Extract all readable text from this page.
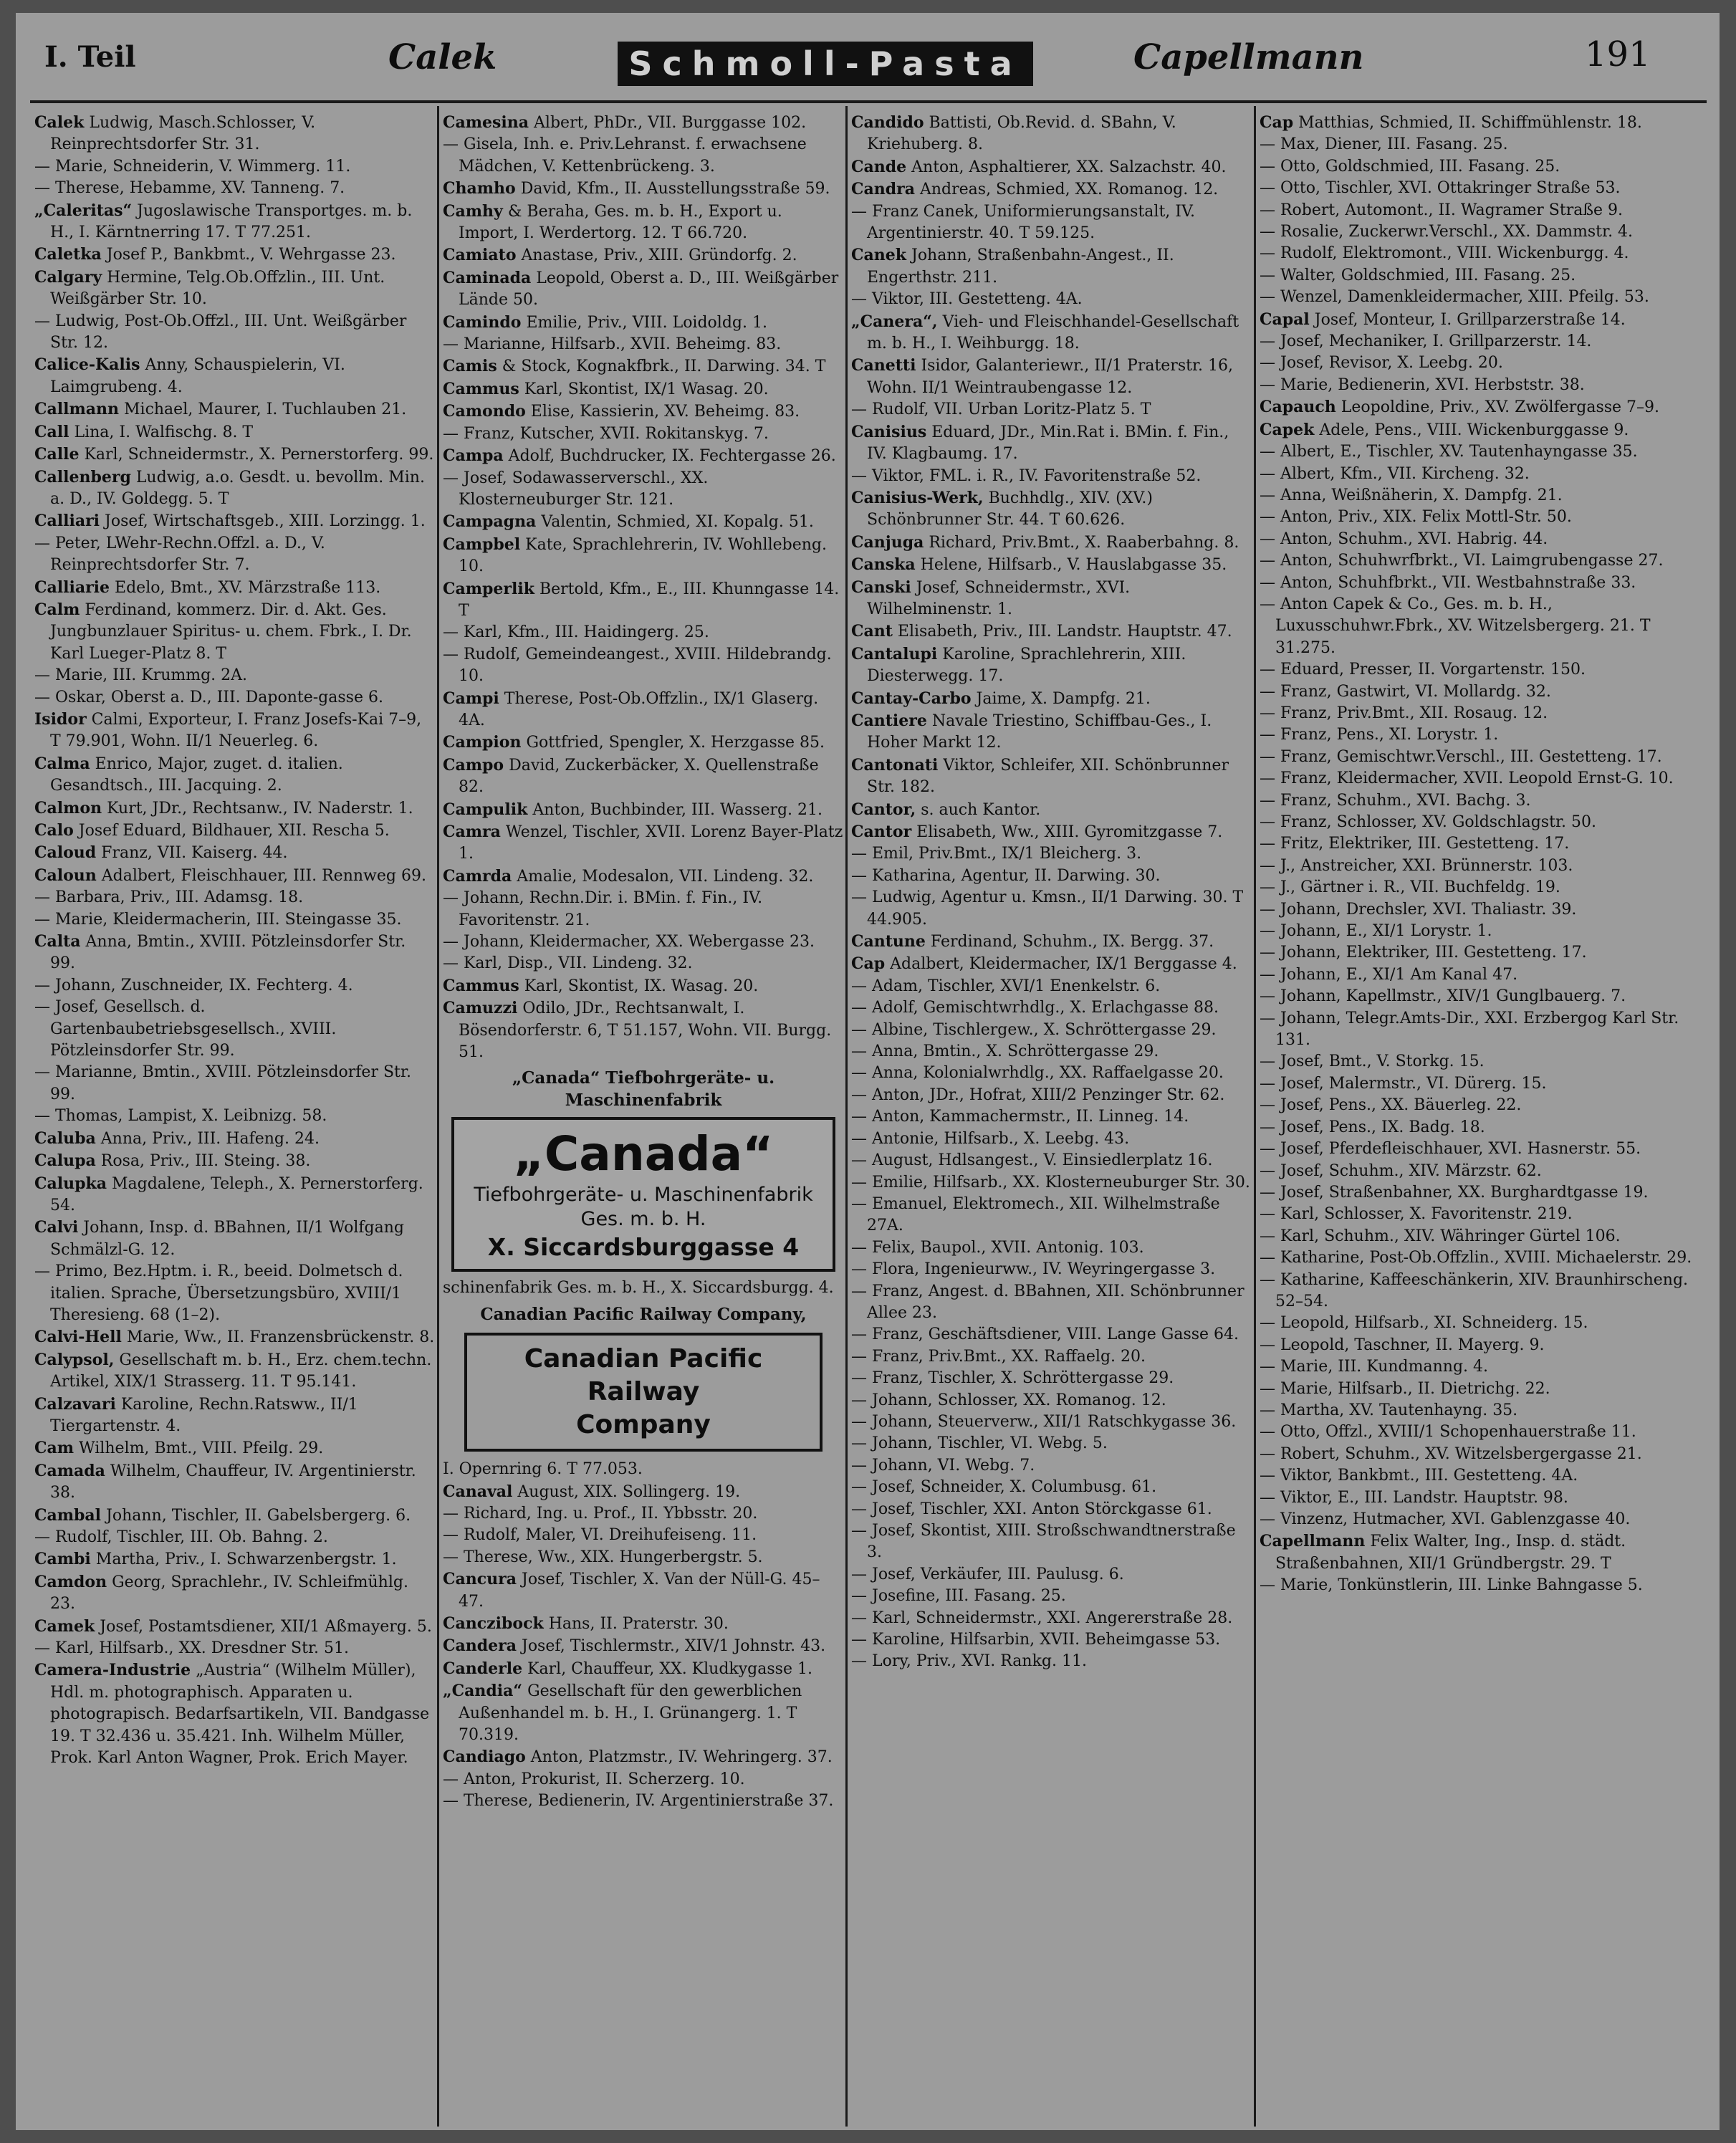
I. Teil	Calek	Schmoll-Pasta	Capellmann	191

Calek Ludwig, Masch.Schlosser, V. Reinprechtsdorfer Str. 31.

— Marie, Schneiderin, V. Wimmerg. 11.

— Therese, Hebamme, XV. Tanneng. 7.

„Caleritas“ Jugoslawische Transportges. m. b. H., I. Kärntnerring 17. T 77.251.

Caletka Josef P., Bankbmt., V. Wehrgasse 23.

Calgary Hermine, Telg.Ob.Offzlin., III. Unt. Weißgärber Str. 10.

— Ludwig, Post-Ob.Offzl., III. Unt. Weißgärber Str. 12.

Calice-Kalis Anny, Schauspielerin, VI. Laimgrubeng. 4.

Callmann Michael, Maurer, I. Tuchlauben 21.

Call Lina, I. Walfischg. 8. T

Calle Karl, Schneidermstr., X. Pernerstorferg. 99.

Callenberg Ludwig, a.o. Gesdt. u. bevollm. Min. a. D., IV. Goldegg. 5. T

Calliari Josef, Wirtschaftsgeb., XIII. Lorzingg. 1.

— Peter, LWehr-Rechn.Offzl. a. D., V. Reinprechtsdorfer Str. 7.

Calliarie Edelo, Bmt., XV. Märzstraße 113.

Calm Ferdinand, kommerz. Dir. d. Akt. Ges. Jungbunzlauer Spiritus- u. chem. Fbrk., I. Dr. Karl Lueger-Platz 8. T

— Marie, III. Krummg. 2A.

— Oskar, Oberst a. D., III. Daponte-gasse 6.

Isidor Calmi, Exporteur, I. Franz Josefs-Kai 7–9, T 79.901, Wohn. II/1 Neuerleg. 6.

Calma Enrico, Major, zuget. d. italien. Gesandtsch., III. Jacquing. 2.

Calmon Kurt, JDr., Rechtsanw., IV. Naderstr. 1.

Calo Josef Eduard, Bildhauer, XII. Rescha 5.

Caloud Franz, VII. Kaiserg. 44.

Caloun Adalbert, Fleischhauer, III. Rennweg 69.

— Barbara, Priv., III. Adamsg. 18.

— Marie, Kleidermacherin, III. Steingasse 35.

Calta Anna, Bmtin., XVIII. Pötzleinsdorfer Str. 99.

— Johann, Zuschneider, IX. Fechterg. 4.

— Josef, Gesellsch. d. Gartenbaubetriebsgesellsch., XVIII. Pötzleinsdorfer Str. 99.

— Marianne, Bmtin., XVIII. Pötzleinsdorfer Str. 99.

— Thomas, Lampist, X. Leibnizg. 58.

Caluba Anna, Priv., III. Hafeng. 24.

Calupa Rosa, Priv., III. Steing. 38.

Calupka Magdalene, Teleph., X. Pernerstorferg. 54.

Calvi Johann, Insp. d. BBahnen, II/1 Wolfgang Schmälzl-G. 12.

— Primo, Bez.Hptm. i. R., beeid. Dolmetsch d. italien. Sprache, Übersetzungsbüro, XVIII/1 Theresieng. 68 (1–2).

Calvi-Hell Marie, Ww., II. Franzensbrückenstr. 8.

Calypsol, Gesellschaft m. b. H., Erz. chem.techn. Artikel, XIX/1 Strasserg. 11. T 95.141.

Calzavari Karoline, Rechn.Ratsww., II/1 Tiergartenstr. 4.

Cam Wilhelm, Bmt., VIII. Pfeilg. 29.

Camada Wilhelm, Chauffeur, IV. Argentinierstr. 38.

Cambal Johann, Tischler, II. Gabelsbergerg. 6.

— Rudolf, Tischler, III. Ob. Bahng. 2.

Cambi Martha, Priv., I. Schwarzenbergstr. 1.

Camdon Georg, Sprachlehr., IV. Schleifmühlg. 23.

Camek Josef, Postamtsdiener, XII/1 Aßmayerg. 5.

— Karl, Hilfsarb., XX. Dresdner Str. 51.

Camera-Industrie „Austria“ (Wilhelm Müller), Hdl. m. photographisch. Apparaten u. photograpisch. Bedarfsartikeln, VII. Bandgasse 19. T 32.436 u. 35.421. Inh. Wilhelm Müller, Prok. Karl Anton Wagner, Prok. Erich Mayer.

Camesina Albert, PhDr., VII. Burggasse 102.

— Gisela, Inh. e. Priv.Lehranst. f. erwachsene Mädchen, V. Kettenbrückeng. 3.

Chamho David, Kfm., II. Ausstellungsstraße 59.

Camhy & Beraha, Ges. m. b. H., Export u. Import, I. Werdertorg. 12. T 66.720.

Camiato Anastase, Priv., XIII. Gründorfg. 2.

Caminada Leopold, Oberst a. D., III. Weißgärber Lände 50.

Camindo Emilie, Priv., VIII. Loidoldg. 1.

— Marianne, Hilfsarb., XVII. Beheimg. 83.

Camis & Stock, Kognakfbrk., II. Darwing. 34. T

Cammus Karl, Skontist, IX/1 Wasag. 20.

Camondo Elise, Kassierin, XV. Beheimg. 83.

— Franz, Kutscher, XVII. Rokitanskyg. 7.

Campa Adolf, Buchdrucker, IX. Fechtergasse 26.

— Josef, Sodawasserverschl., XX. Klosterneuburger Str. 121.

Campagna Valentin, Schmied, XI. Kopalg. 51.

Campbel Kate, Sprachlehrerin, IV. Wohllebeng. 10.

Camperlik Bertold, Kfm., E., III. Khunngasse 14. T

— Karl, Kfm., III. Haidingerg. 25.

— Rudolf, Gemeindeangest., XVIII. Hildebrandg. 10.

Campi Therese, Post-Ob.Offzlin., IX/1 Glaserg. 4A.

Campion Gottfried, Spengler, X. Herzgasse 85.

Campo David, Zuckerbäcker, X. Quellenstraße 82.

Campulik Anton, Buchbinder, III. Wasserg. 21.

Camra Wenzel, Tischler, XVII. Lorenz Bayer-Platz 1.

Camrda Amalie, Modesalon, VII. Lindeng. 32.

— Johann, Rechn.Dir. i. BMin. f. Fin., IV. Favoritenstr. 21.

— Johann, Kleidermacher, XX. Webergasse 23.

— Karl, Disp., VII. Lindeng. 32.

Cammus Karl, Skontist, IX. Wasag. 20.

Camuzzi Odilo, JDr., Rechtsanwalt, I. Bösendorferstr. 6, T 51.157, Wohn. VII. Burgg. 51.

„Canada“ Tiefbohrgeräte- u. Maschinenfabrik
„Canada“
Tiefbohrgeräte- u. Maschinenfabrik Ges. m. b. H.
X. Siccardsburggasse 4

schinenfabrik Ges. m. b. H., X. Siccardsburgg. 4.

Canadian Pacific Railway Company,
Canadian Pacific Railway
Company

I. Opernring 6. T 77.053.

Canaval August, XIX. Sollingerg. 19.

— Richard, Ing. u. Prof., II. Ybbsstr. 20.

— Rudolf, Maler, VI. Dreihufeiseng. 11.

— Therese, Ww., XIX. Hungerbergstr. 5.

Cancura Josef, Tischler, X. Van der Nüll-G. 45–47.

Canczibock Hans, II. Praterstr. 30.

Candera Josef, Tischlermstr., XIV/1 Johnstr. 43.

Canderle Karl, Chauffeur, XX. Kludkygasse 1.

„Candia“ Gesellschaft für den gewerblichen Außenhandel m. b. H., I. Grünangerg. 1. T 70.319.

Candiago Anton, Platzmstr., IV. Wehringerg. 37.

— Anton, Prokurist, II. Scherzerg. 10.

— Therese, Bedienerin, IV. Argentinierstraße 37.

Candido Battisti, Ob.Revid. d. SBahn, V. Kriehuberg. 8.

Cande Anton, Asphaltierer, XX. Salzachstr. 40.

Candra Andreas, Schmied, XX. Romanog. 12.

— Franz Canek, Uniformierungsanstalt, IV. Argentinierstr. 40. T 59.125.

Canek Johann, Straßenbahn-Angest., II. Engerthstr. 211.

— Viktor, III. Gestetteng. 4A.

„Canera“, Vieh- und Fleischhandel-Gesellschaft m. b. H., I. Weihburgg. 18.

Canetti Isidor, Galanteriewr., II/1 Praterstr. 16, Wohn. II/1 Weintraubengasse 12.

— Rudolf, VII. Urban Loritz-Platz 5. T

Canisius Eduard, JDr., Min.Rat i. BMin. f. Fin., IV. Klagbaumg. 17.

— Viktor, FML. i. R., IV. Favoritenstraße 52.

Canisius-Werk, Buchhdlg., XIV. (XV.) Schönbrunner Str. 44. T 60.626.

Canjuga Richard, Priv.Bmt., X. Raaberbahng. 8.

Canska Helene, Hilfsarb., V. Hauslabgasse 35.

Canski Josef, Schneidermstr., XVI. Wilhelminenstr. 1.

Cant Elisabeth, Priv., III. Landstr. Hauptstr. 47.

Cantalupi Karoline, Sprachlehrerin, XIII. Diesterwegg. 17.

Cantay-Carbo Jaime, X. Dampfg. 21.

Cantiere Navale Triestino, Schiffbau-Ges., I. Hoher Markt 12.

Cantonati Viktor, Schleifer, XII. Schönbrunner Str. 182.

Cantor, s. auch Kantor.

Cantor Elisabeth, Ww., XIII. Gyromitzgasse 7.

— Emil, Priv.Bmt., IX/1 Bleicherg. 3.

— Katharina, Agentur, II. Darwing. 30.

— Ludwig, Agentur u. Kmsn., II/1 Darwing. 30. T 44.905.

Cantune Ferdinand, Schuhm., IX. Bergg. 37.

Cap Adalbert, Kleidermacher, IX/1 Berggasse 4.

— Adam, Tischler, XVI/1 Enenkelstr. 6.

— Adolf, Gemischtwrhdlg., X. Erlachgasse 88.

— Albine, Tischlergew., X. Schröttergasse 29.

— Anna, Bmtin., X. Schröttergasse 29.

— Anna, Kolonialwrhdlg., XX. Raffaelgasse 20.

— Anton, JDr., Hofrat, XIII/2 Penzinger Str. 62.

— Anton, Kammachermstr., II. Linneg. 14.

— Antonie, Hilfsarb., X. Leebg. 43.

— August, Hdlsangest., V. Einsiedlerplatz 16.

— Emilie, Hilfsarb., XX. Klosterneuburger Str. 30.

— Emanuel, Elektromech., XII. Wilhelmstraße 27A.

— Felix, Baupol., XVII. Antonig. 103.

— Flora, Ingenieurww., IV. Weyringergasse 3.

— Franz, Angest. d. BBahnen, XII. Schönbrunner Allee 23.

— Franz, Geschäftsdiener, VIII. Lange Gasse 64.

— Franz, Priv.Bmt., XX. Raffaelg. 20.

— Franz, Tischler, X. Schröttergasse 29.

— Johann, Schlosser, XX. Romanog. 12.

— Johann, Steuerverw., XII/1 Ratschkygasse 36.

— Johann, Tischler, VI. Webg. 5.

— Johann, VI. Webg. 7.

— Josef, Schneider, X. Columbusg. 61.

— Josef, Tischler, XXI. Anton Störckgasse 61.

— Josef, Skontist, XIII. Stroßschwandtnerstraße 3.

— Josef, Verkäufer, III. Paulusg. 6.

— Josefine, III. Fasang. 25.

— Karl, Schneidermstr., XXI. Angererstraße 28.

— Karoline, Hilfsarbin, XVII. Beheimgasse 53.

— Lory, Priv., XVI. Rankg. 11.

Cap Matthias, Schmied, II. Schiffmühlenstr. 18.

— Max, Diener, III. Fasang. 25.

— Otto, Goldschmied, III. Fasang. 25.

— Otto, Tischler, XVI. Ottakringer Straße 53.

— Robert, Automont., II. Wagramer Straße 9.

— Rosalie, Zuckerwr.Verschl., XX. Dammstr. 4.

— Rudolf, Elektromont., VIII. Wickenburgg. 4.

— Walter, Goldschmied, III. Fasang. 25.

— Wenzel, Damenkleidermacher, XIII. Pfeilg. 53.

Capal Josef, Monteur, I. Grillparzerstraße 14.

— Josef, Mechaniker, I. Grillparzerstr. 14.

— Josef, Revisor, X. Leebg. 20.

— Marie, Bedienerin, XVI. Herbststr. 38.

Capauch Leopoldine, Priv., XV. Zwölfergasse 7–9.

Capek Adele, Pens., VIII. Wickenburggasse 9.

— Albert, E., Tischler, XV. Tautenhayngasse 35.

— Albert, Kfm., VII. Kircheng. 32.

— Anna, Weißnäherin, X. Dampfg. 21.

— Anton, Priv., XIX. Felix Mottl-Str. 50.

— Anton, Schuhm., XVI. Habrig. 44.

— Anton, Schuhwrfbrkt., VI. Laimgrubengasse 27.

— Anton, Schuhfbrkt., VII. Westbahnstraße 33.

— Anton Capek & Co., Ges. m. b. H., Luxusschuhwr.Fbrk., XV. Witzelsbergerg. 21. T 31.275.

— Eduard, Presser, II. Vorgartenstr. 150.

— Franz, Gastwirt, VI. Mollardg. 32.

— Franz, Priv.Bmt., XII. Rosaug. 12.

— Franz, Pens., XI. Lorystr. 1.

— Franz, Gemischtwr.Verschl., III. Gestetteng. 17.

— Franz, Kleidermacher, XVII. Leopold Ernst-G. 10.

— Franz, Schuhm., XVI. Bachg. 3.

— Franz, Schlosser, XV. Goldschlagstr. 50.

— Fritz, Elektriker, III. Gestetteng. 17.

— J., Anstreicher, XXI. Brünnerstr. 103.

— J., Gärtner i. R., VII. Buchfeldg. 19.

— Johann, Drechsler, XVI. Thaliastr. 39.

— Johann, E., XI/1 Lorystr. 1.

— Johann, Elektriker, III. Gestetteng. 17.

— Johann, E., XI/1 Am Kanal 47.

— Johann, Kapellmstr., XIV/1 Gunglbauerg. 7.

— Johann, Telegr.Amts-Dir., XXI. Erzbergog Karl Str. 131.

— Josef, Bmt., V. Storkg. 15.

— Josef, Malermstr., VI. Dürerg. 15.

— Josef, Pens., XX. Bäuerleg. 22.

— Josef, Pens., IX. Badg. 18.

— Josef, Pferdefleischhauer, XVI. Hasnerstr. 55.

— Josef, Schuhm., XIV. Märzstr. 62.

— Josef, Straßenbahner, XX. Burghardtgasse 19.

— Karl, Schlosser, X. Favoritenstr. 219.

— Karl, Schuhm., XIV. Währinger Gürtel 106.

— Katharine, Post-Ob.Offzlin., XVIII. Michaelerstr. 29.

— Katharine, Kaffeeschänkerin, XIV. Braunhirscheng. 52–54.

— Leopold, Hilfsarb., XI. Schneiderg. 15.

— Leopold, Taschner, II. Mayerg. 9.

— Marie, III. Kundmanng. 4.

— Marie, Hilfsarb., II. Dietrichg. 22.

— Martha, XV. Tautenhayng. 35.

— Otto, Offzl., XVIII/1 Schopenhauerstraße 11.

— Robert, Schuhm., XV. Witzelsbergergasse 21.

— Viktor, Bankbmt., III. Gestetteng. 4A.

— Viktor, E., III. Landstr. Hauptstr. 98.

— Vinzenz, Hutmacher, XVI. Gablenzgasse 40.

Capellmann Felix Walter, Ing., Insp. d. städt. Straßenbahnen, XII/1 Gründbergstr. 29. T

— Marie, Tonkünstlerin, III. Linke Bahngasse 5.
